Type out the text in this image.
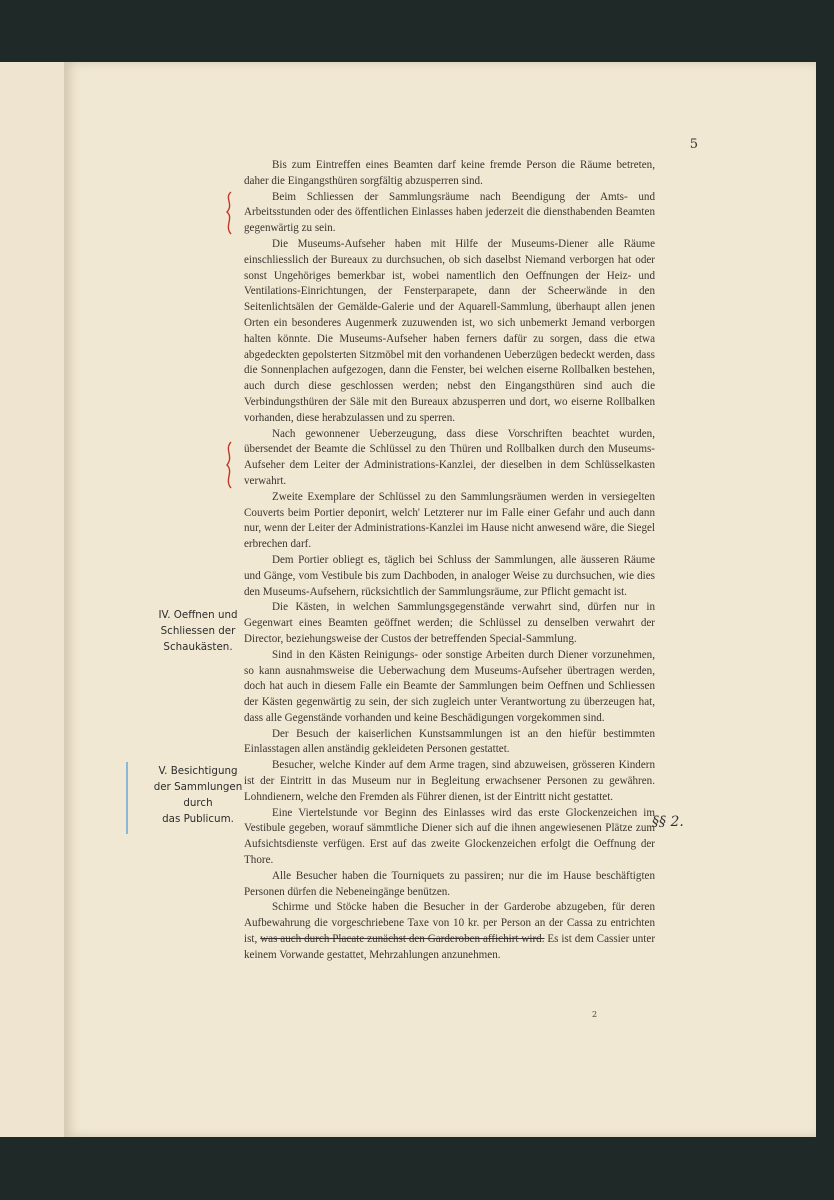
5

Bis zum Eintreffen eines Beamten darf keine fremde Person die Räume betreten, daher die Eingangsthüren sorgfältig abzusperren sind.

Beim Schliessen der Sammlungsräume nach Beendigung der Amts- und Arbeitsstunden oder des öffentlichen Einlasses haben jederzeit die diensthabenden Beamten gegenwärtig zu sein.

Die Museums-Aufseher haben mit Hilfe der Museums-Diener alle Räume einschliesslich der Bureaux zu durchsuchen, ob sich daselbst Niemand verborgen hat oder sonst Ungehöriges bemerkbar ist, wobei namentlich den Oeffnungen der Heiz- und Ventilations-Einrichtungen, der Fensterparapete, dann der Scheerwände in den Seitenlichtsälen der Gemälde-Galerie und der Aquarell-Sammlung, überhaupt allen jenen Orten ein besonderes Augenmerk zuzuwenden ist, wo sich unbemerkt Jemand verborgen halten könnte. Die Museums-Aufseher haben ferners dafür zu sorgen, dass die etwa abgedeckten gepolsterten Sitzmöbel mit den vorhandenen Ueberzügen bedeckt werden, dass die Sonnenplachen aufgezogen, dann die Fenster, bei welchen eiserne Rollbalken bestehen, auch durch diese geschlossen werden; nebst den Eingangsthüren sind auch die Verbindungsthüren der Säle mit den Bureaux abzusperren und dort, wo eiserne Rollbalken vorhanden, diese herabzulassen und zu sperren.

Nach gewonnener Ueberzeugung, dass diese Vorschriften beachtet wurden, übersendet der Beamte die Schlüssel zu den Thüren und Rollbalken durch den Museums-Aufseher dem Leiter der Administrations-Kanzlei, der dieselben in dem Schlüsselkasten verwahrt.

Zweite Exemplare der Schlüssel zu den Sammlungsräumen werden in versiegelten Couverts beim Portier deponirt, welch' Letzterer nur im Falle einer Gefahr und auch dann nur, wenn der Leiter der Administrations-Kanzlei im Hause nicht anwesend wäre, die Siegel erbrechen darf.

Dem Portier obliegt es, täglich bei Schluss der Sammlungen, alle äusseren Räume und Gänge, vom Vestibule bis zum Dachboden, in analoger Weise zu durchsuchen, wie dies den Museums-Aufsehern, rücksichtlich der Sammlungsräume, zur Pflicht gemacht ist.

Die Kästen, in welchen Sammlungsgegenstände verwahrt sind, dürfen nur in Gegenwart eines Beamten geöffnet werden; die Schlüssel zu denselben verwahrt der Director, beziehungsweise der Custos der betreffenden Special-Sammlung.

Sind in den Kästen Reinigungs- oder sonstige Arbeiten durch Diener vorzunehmen, so kann ausnahmsweise die Ueberwachung dem Museums-Aufseher übertragen werden, doch hat auch in diesem Falle ein Beamte der Sammlungen beim Oeffnen und Schliessen der Kästen gegenwärtig zu sein, der sich zugleich unter Verantwortung zu überzeugen hat, dass alle Gegenstände vorhanden und keine Beschädigungen vorgekommen sind.

Der Besuch der kaiserlichen Kunstsammlungen ist an den hiefür bestimmten Einlasstagen allen anständig gekleideten Personen gestattet.

Besucher, welche Kinder auf dem Arme tragen, sind abzuweisen, grösseren Kindern ist der Eintritt in das Museum nur in Begleitung erwachsener Personen zu gewähren. Lohndienern, welche den Fremden als Führer dienen, ist der Eintritt nicht gestattet.

Eine Viertelstunde vor Beginn des Einlasses wird das erste Glockenzeichen im Vestibule gegeben, worauf sämmtliche Diener sich auf die ihnen angewiesenen Plätze zum Aufsichtsdienste verfügen. Erst auf das zweite Glockenzeichen erfolgt die Oeffnung der Thore.

Alle Besucher haben die Tourniquets zu passiren; nur die im Hause beschäftigten Personen dürfen die Nebeneingänge benützen.

Schirme und Stöcke haben die Besucher in der Garderobe abzugeben, für deren Aufbewahrung die vorgeschriebene Taxe von 10 kr. per Person an der Cassa zu entrichten ist, was auch durch Placate zunächst den Garderoben affichirt wird. Es ist dem Cassier unter keinem Vorwande gestattet, Mehrzahlungen anzunehmen.

IV. Oeffnen und
Schliessen der
Schaukästen.
V. Besichtigung
der Sammlungen
durch
das Publicum.	§§ 2.
2
